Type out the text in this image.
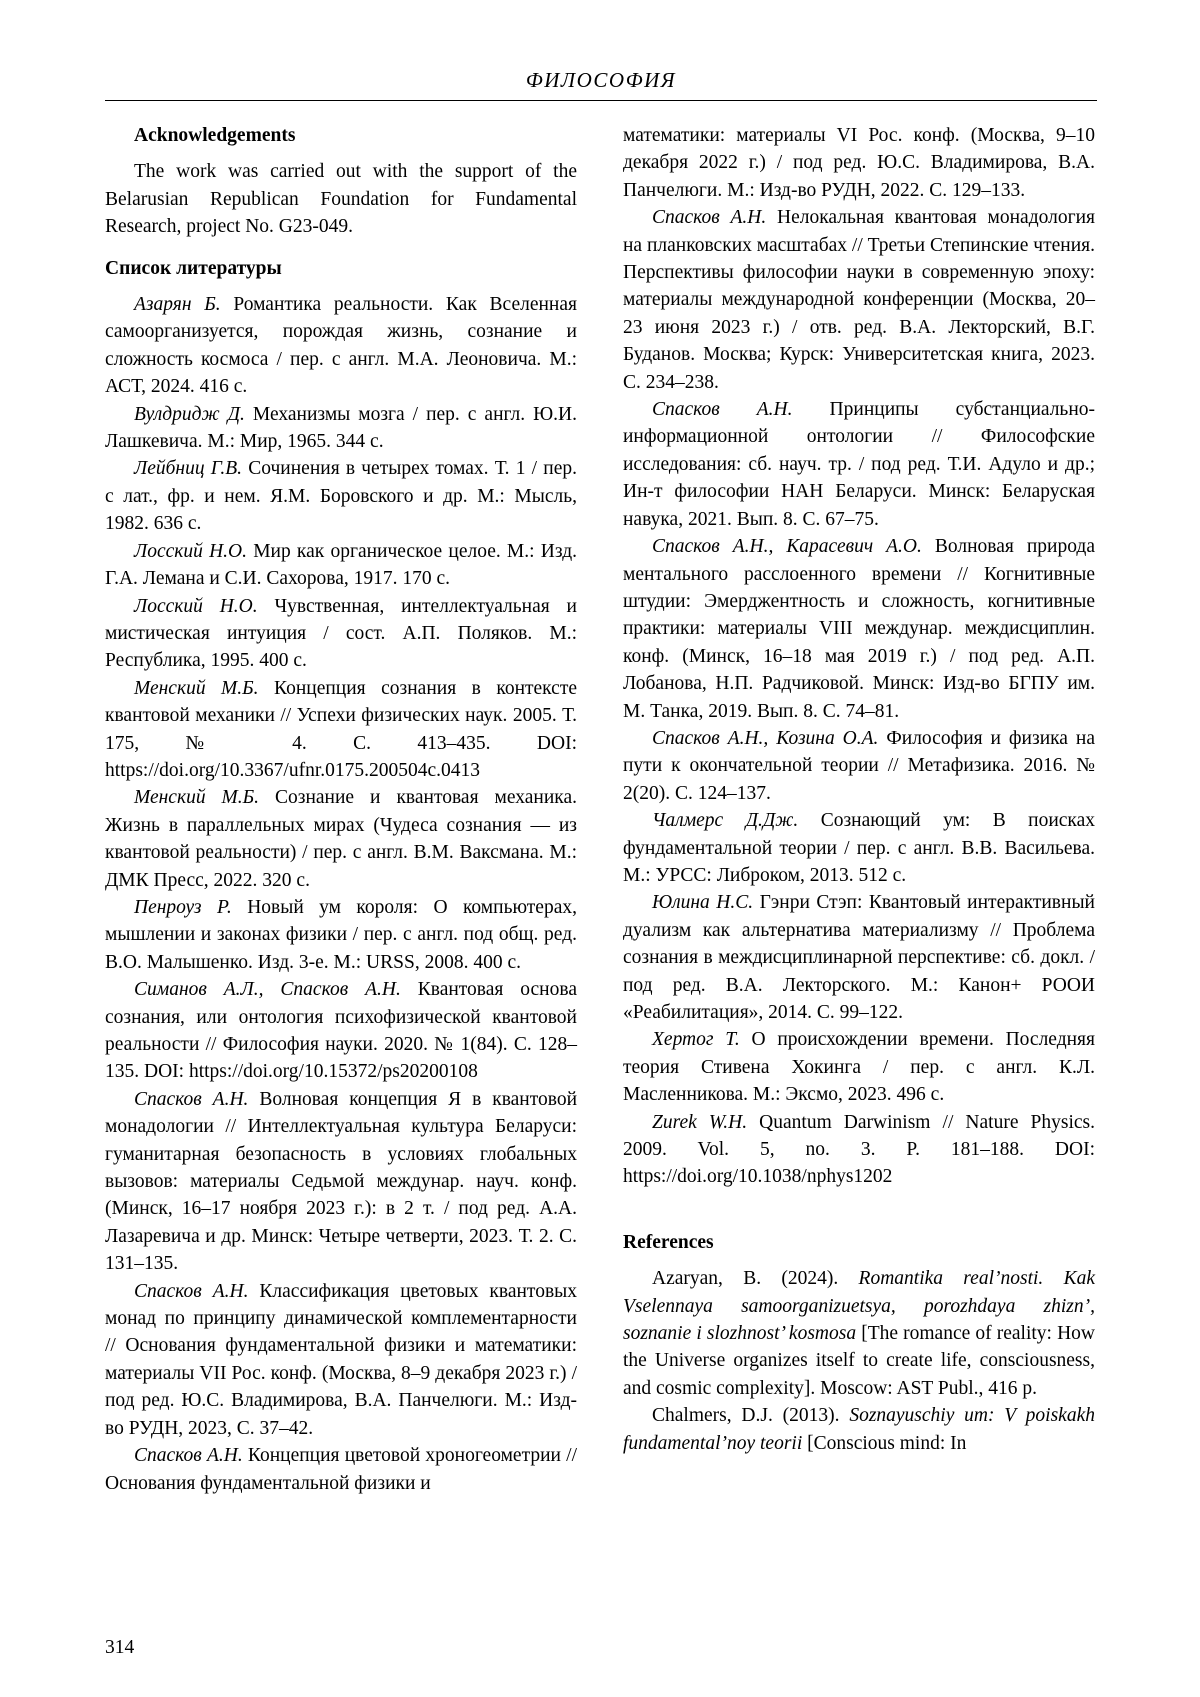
ФИЛОСОФИЯ
Acknowledgements

The work was carried out with the support of the Belarusian Republican Foundation for Fundamental Research, project No. G23-049.

Список литературы

Азарян Б. Романтика реальности. Как Вселенная самоорганизуется, порождая жизнь, сознание и сложность космоса / пер. с англ. М.А. Леоновича. М.: АСТ, 2024. 416 с.

Вулдридж Д. Механизмы мозга / пер. с англ. Ю.И. Лашкевича. М.: Мир, 1965. 344 с.

Лейбниц Г.В. Сочинения в четырех томах. Т. 1 / пер. с лат., фр. и нем. Я.М. Боровского и др. М.: Мысль, 1982. 636 с.

Лосский Н.О. Мир как органическое целое. М.: Изд. Г.А. Лемана и С.И. Сахорова, 1917. 170 с.

Лосский Н.О. Чувственная, интеллектуальная и мистическая интуиция / сост. А.П. Поляков. М.: Республика, 1995. 400 с.

Менский М.Б. Концепция сознания в контексте квантовой механики // Успехи физических наук. 2005. Т. 175, № 4. С. 413–435. DOI: https://doi.org/10.3367/ufnr.0175.200504c.0413

Менский М.Б. Сознание и квантовая механика. Жизнь в параллельных мирах (Чудеса сознания — из квантовой реальности) / пер. с англ. В.М. Ваксмана. М.: ДМК Пресс, 2022. 320 с.

Пенроуз Р. Новый ум короля: О компьютерах, мышлении и законах физики / пер. с англ. под общ. ред. В.О. Малышенко. Изд. 3-е. М.: URSS, 2008. 400 с.

Симанов А.Л., Спасков А.Н. Квантовая основа сознания, или онтология психофизической квантовой реальности // Философия науки. 2020. № 1(84). С. 128–135. DOI: https://doi.org/10.15372/ps20200108

Спасков А.Н. Волновая концепция Я в квантовой монадологии // Интеллектуальная культура Беларуси: гуманитарная безопасность в условиях глобальных вызовов: материалы Седьмой междунар. науч. конф. (Минск, 16–17 ноября 2023 г.): в 2 т. / под ред. А.А. Лазаревича и др. Минск: Четыре четверти, 2023. Т. 2. С. 131–135.

Спасков А.Н. Классификация цветовых квантовых монад по принципу динамической комплементарности // Основания фундаментальной физики и математики: материалы VII Рос. конф. (Москва, 8–9 декабря 2023 г.) / под ред. Ю.С. Владимирова, В.А. Панчелюги. М.: Изд-во РУДН, 2023, С. 37–42.

Спасков А.Н. Концепция цветовой хроногеометрии // Основания фундаментальной физики и

математики: материалы VI Рос. конф. (Москва, 9–10 декабря 2022 г.) / под ред. Ю.С. Владимирова, В.А. Панчелюги. М.: Изд-во РУДН, 2022. С. 129–133.

Спасков А.Н. Нелокальная квантовая монадология на планковских масштабах // Третьи Степинские чтения. Перспективы философии науки в современную эпоху: материалы международной конференции (Москва, 20–23 июня 2023 г.) / отв. ред. В.А. Лекторский, В.Г. Буданов. Москва; Курск: Университетская книга, 2023. С. 234–238.

Спасков А.Н. Принципы субстанциально-информационной онтологии // Философские исследования: сб. науч. тр. / под ред. Т.И. Адуло и др.; Ин-т философии НАН Беларуси. Минск: Беларуская навука, 2021. Вып. 8. С. 67–75.

Спасков А.Н., Карасевич А.О. Волновая природа ментального расслоенного времени // Когнитивные штудии: Эмерджентность и сложность, когнитивные практики: материалы VIII междунар. междисциплин. конф. (Минск, 16–18 мая 2019 г.) / под ред. А.П. Лобанова, Н.П. Радчиковой. Минск: Изд-во БГПУ им. М. Танка, 2019. Вып. 8. С. 74–81.

Спасков А.Н., Козина О.А. Философия и физика на пути к окончательной теории // Метафизика. 2016. № 2(20). С. 124–137.

Чалмерс Д.Дж. Сознающий ум: В поисках фундаментальной теории / пер. с англ. В.В. Васильева. М.: УРСС: Либроком, 2013. 512 с.

Юлина Н.С. Гэнри Стэп: Квантовый интерактивный дуализм как альтернатива материализму // Проблема сознания в междисциплинарной перспективе: сб. докл. / под ред. В.А. Лекторского. М.: Канон+ РООИ «Реабилитация», 2014. С. 99–122.

Хертог Т. О происхождении времени. Последняя теория Стивена Хокинга / пер. с англ. К.Л. Масленникова. М.: Эксмо, 2023. 496 с.

Zurek W.H. Quantum Darwinism // Nature Physics. 2009. Vol. 5, no. 3. P. 181–188. DOI: https://doi.org/10.1038/nphys1202

References

Azaryan, B. (2024). Romantika real’nosti. Kak Vselennaya samoorganizuetsya, porozhdaya zhizn’, soznanie i slozhnost’ kosmosa [The romance of reality: How the Universe organizes itself to create life, consciousness, and cosmic complexity]. Moscow: AST Publ., 416 p.

Chalmers, D.J. (2013). Soznayuschiy um: V poiskakh fundamental’noy teorii [Conscious mind: In

314
